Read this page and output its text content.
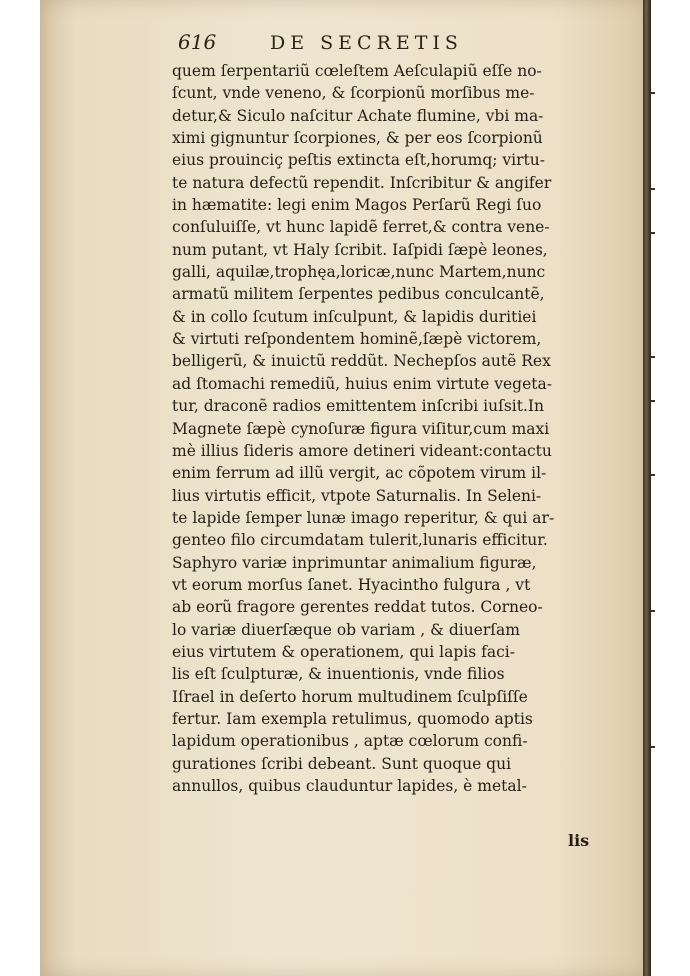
616	DE SECRETIS
quem ſerpentariũ cœleſtem Aeſculapiũ eſſe no-
ſcunt, vnde veneno, & ſcorpionũ morſibus me-
detur,& Siculo naſcitur Achate flumine, vbi ma-
ximi gignuntur ſcorpiones, & per eos ſcorpionũ
eius prouinciç peſtis extincta eſt,horumq; virtu-
te natura defectũ rependit. Inſcribitur & angifer
in hæmatite: legi enim Magos Perſarũ Regi ſuo
conſuluiſſe, vt hunc lapidẽ ferret,& contra vene-
num putant, vt Haly ſcribit. Iaſpidi ſæpè leones,
galli, aquilæ,trophęa,loricæ,nunc Martem,nunc
armatũ militem ſerpentes pedibus conculcantẽ,
& in collo ſcutum inſculpunt, & lapidis duritiei
& virtuti reſpondentem hominẽ,ſæpè victorem,
belligerũ, & inuictũ reddũt. Nechepſos autẽ Rex
ad ſtomachi remediũ, huius enim virtute vegeta-
tur, draconẽ radios emittentem inſcribi iuſsit.In
Magnete ſæpè cynoſuræ figura viſitur,cum maxi
mè illius ſideris amore detineri videant:contactu
enim ferrum ad illũ vergit, ac cõpotem virum il-
lius virtutis efficit, vtpote Saturnalis. In Seleni-
te lapide ſemper lunæ imago reperitur, & qui ar-
genteo filo circumdatam tulerit,lunaris efficitur.
Saphyro variæ inprimuntar animalium figuræ,
vt eorum morſus ſanet. Hyacintho fulgura , vt
ab eorũ fragore gerentes reddat tutos. Corneo-
lo variæ diuerſæque ob variam , & diuerſam
eius virtutem & operationem, qui lapis faci-
lis eſt ſculpturæ, & inuentionis, vnde filios
Iſrael in deſerto horum multudinem ſculpſiſſe
fertur. Iam exempla retulimus, quomodo aptis
lapidum operationibus , aptæ cœlorum confi-
gurationes ſcribi debeant. Sunt quoque qui
annullos, quibus clauduntur lapides, è metal-
lis
